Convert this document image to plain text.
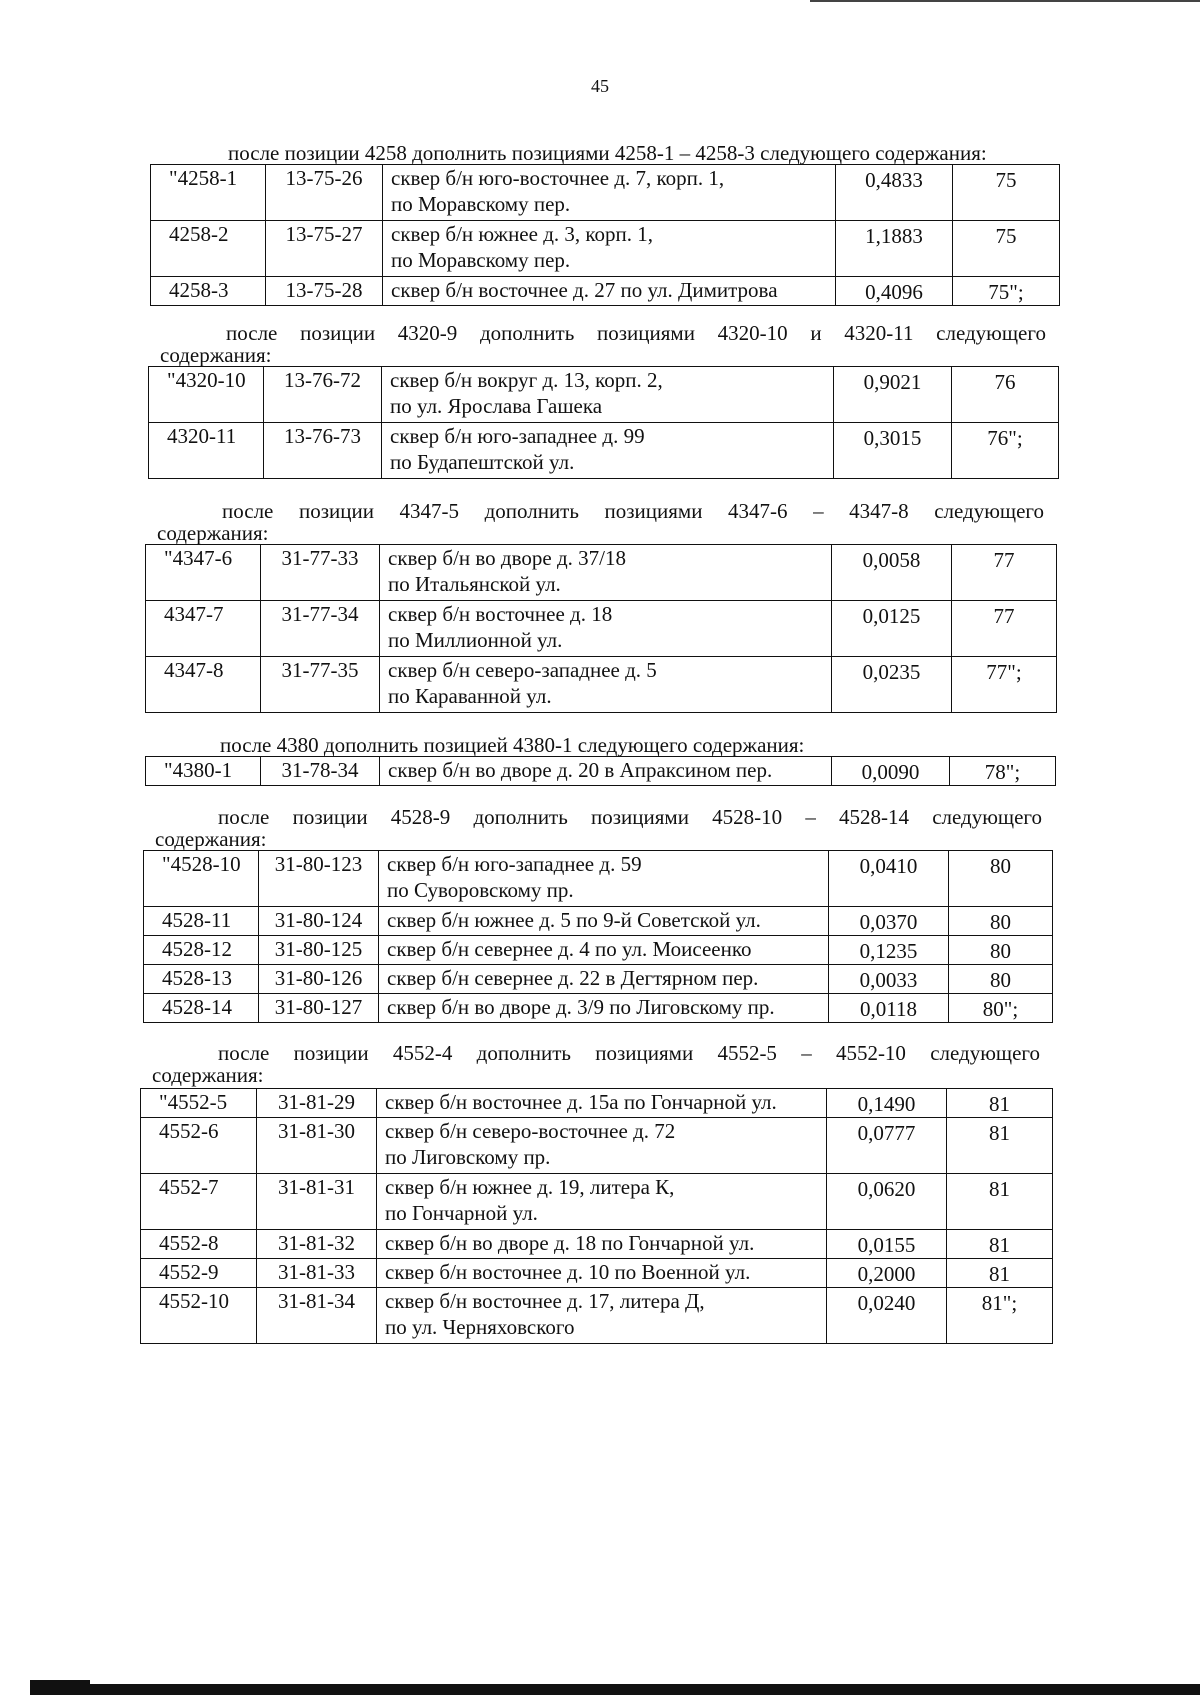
45
после позиции 4258 дополнить позициями 4258-1 – 4258-3 следующего содержания:
"4258-1	13-75-26	сквер б/н юго-восточнее д. 7, корп. 1,
по Моравскому пер.	0,4833	75
4258-2	13-75-27	сквер б/н южнее д. 3, корп. 1,
по Моравскому пер.	1,1883	75
4258-3	13-75-28	сквер б/н восточнее д. 27 по ул. Димитрова	0,4096	75";
после позиции 4320-9 дополнить позициями 4320-10 и 4320-11 следующего
содержания:
"4320-10	13-76-72	сквер б/н вокруг д. 13, корп. 2,
по ул. Ярослава Гашека	0,9021	76
4320-11	13-76-73	сквер б/н юго-западнее д. 99
по Будапештской ул.	0,3015	76";
после позиции 4347-5 дополнить позициями 4347-6 – 4347-8 следующего
содержания:
"4347-6	31-77-33	сквер б/н во дворе д. 37/18
по Итальянской ул.	0,0058	77
4347-7	31-77-34	сквер б/н восточнее д. 18
по Миллионной ул.	0,0125	77
4347-8	31-77-35	сквер б/н северо-западнее д. 5
по Караванной ул.	0,0235	77";
после 4380 дополнить позицией 4380-1 следующего содержания:
"4380-1	31-78-34	сквер б/н во дворе д. 20 в Апраксином пер.	0,0090	78";
после позиции 4528-9 дополнить позициями 4528-10 – 4528-14 следующего
содержания:
"4528-10	31-80-123	сквер б/н юго-западнее д. 59
по Суворовскому пр.	0,0410	80
4528-11	31-80-124	сквер б/н южнее д. 5 по 9-й Советской ул.	0,0370	80
4528-12	31-80-125	сквер б/н севернее д. 4 по ул. Моисеенко	0,1235	80
4528-13	31-80-126	сквер б/н севернее д. 22 в Дегтярном пер.	0,0033	80
4528-14	31-80-127	сквер б/н во дворе д. 3/9 по Лиговскому пр.	0,0118	80";
после позиции 4552-4 дополнить позициями 4552-5 – 4552-10 следующего
содержания:
"4552-5	31-81-29	сквер б/н восточнее д. 15а по Гончарной ул.	0,1490	81
4552-6	31-81-30	сквер б/н северо-восточнее д. 72
по Лиговскому пр.	0,0777	81
4552-7	31-81-31	сквер б/н южнее д. 19, литера К,
по Гончарной ул.	0,0620	81
4552-8	31-81-32	сквер б/н во дворе д. 18 по Гончарной ул.	0,0155	81
4552-9	31-81-33	сквер б/н восточнее д. 10 по Военной ул.	0,2000	81
4552-10	31-81-34	сквер б/н восточнее д. 17, литера Д,
по ул. Черняховского	0,0240	81";
